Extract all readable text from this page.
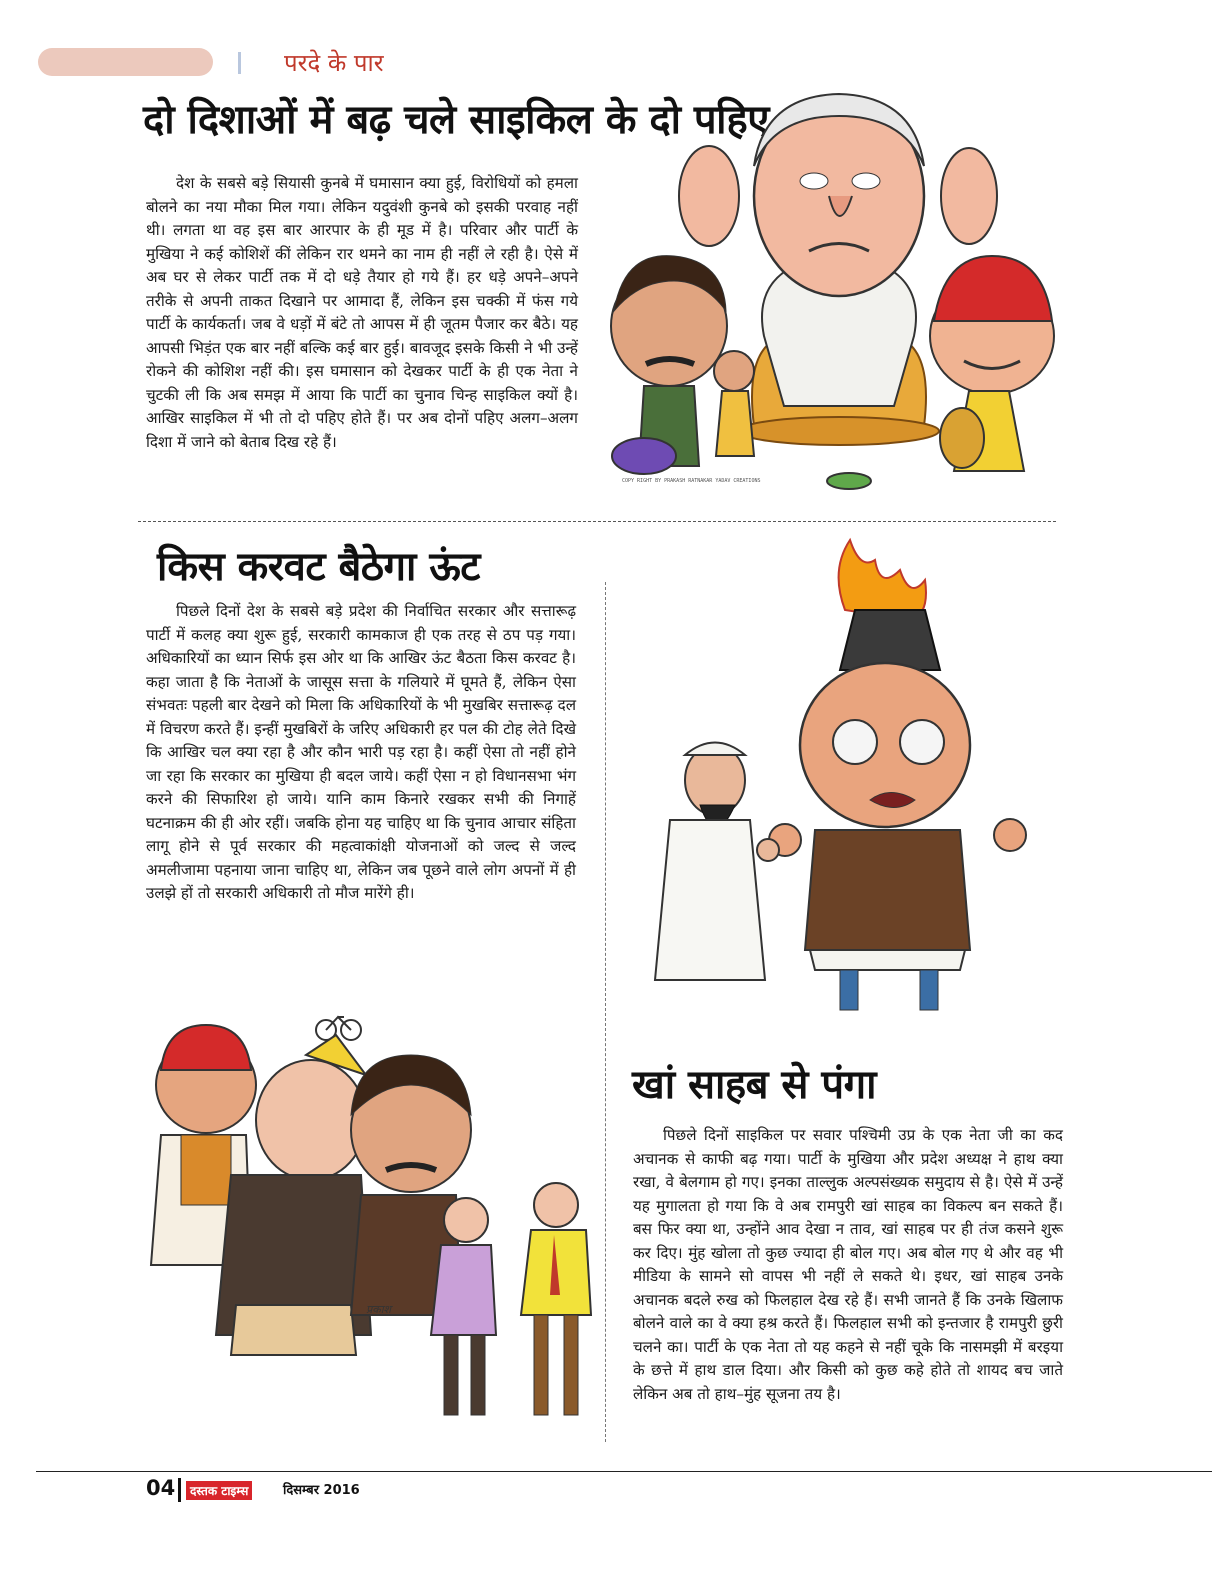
परदे के पार
दो दिशाओं में बढ़ चले साइकिल के दो पहिए

देश के सबसे बड़े सियासी कुनबे में घमासान क्या हुई, विरोधियों को हमला बोलने का नया मौका मिल गया। लेकिन यदुवंशी कुनबे को इसकी परवाह नहीं थी। लगता था वह इस बार आरपार के ही मूड में है। परिवार और पार्टी के मुखिया ने कई कोशिशें कीं लेकिन रार थमने का नाम ही नहीं ले रही है। ऐसे में अब घर से लेकर पार्टी तक में दो धड़े तैयार हो गये हैं। हर धड़े अपने–अपने तरीके से अपनी ताकत दिखाने पर आमादा हैं, लेकिन इस चक्की में फंस गये पार्टी के कार्यकर्ता। जब वे धड़ों में बंटे तो आपस में ही जूतम पैजार कर बैठे। यह आपसी भिड़ंत एक बार नहीं बल्कि कई बार हुई। बावजूद इसके किसी ने भी उन्हें रोकने की कोशिश नहीं की। इस घमासान को देखकर पार्टी के ही एक नेता ने चुटकी ली कि अब समझ में आया कि पार्टी का चुनाव चिन्ह साइकिल क्यों है। आखिर साइकिल में भी तो दो पहिए होते हैं। पर अब दोनों पहिए अलग–अलग दिशा में जाने को बेताब दिख रहे हैं।

COPY RIGHT BY PRAKASH RATNAKAR YADAV CREATIONS
किस करवट बैठेगा ऊंट

पिछले दिनों देश के सबसे बड़े प्रदेश की निर्वाचित सरकार और सत्तारूढ़ पार्टी में कलह क्या शुरू हुई, सरकारी कामकाज ही एक तरह से ठप पड़ गया। अधिकारियों का ध्यान सिर्फ इस ओर था कि आखिर ऊंट बैठता किस करवट है। कहा जाता है कि नेताओं के जासूस सत्ता के गलियारे में घूमते हैं, लेकिन ऐसा संभवतः पहली बार देखने को मिला कि अधिकारियों के भी मुखबिर सत्तारूढ़ दल में विचरण करते हैं। इन्हीं मुखबिरों के जरिए अधिकारी हर पल की टोह लेते दिखे कि आखिर चल क्या रहा है और कौन भारी पड़ रहा है। कहीं ऐसा तो नहीं होने जा रहा कि सरकार का मुखिया ही बदल जाये। कहीं ऐसा न हो विधानसभा भंग करने की सिफारिश हो जाये। यानि काम किनारे रखकर सभी की निगाहें घटनाक्रम की ही ओर रहीं। जबकि होना यह चाहिए था कि चुनाव आचार संहिता लागू होने से पूर्व सरकार की महत्वाकांक्षी योजनाओं को जल्द से जल्द अमलीजामा पहनाया जाना चाहिए था, लेकिन जब पूछने वाले लोग अपनों में ही उलझे हों तो सरकारी अधिकारी तो मौज मारेंगे ही।

प्रकाश
खां साहब से पंगा

पिछले दिनों साइकिल पर सवार पश्चिमी उप्र के एक नेता जी का कद अचानक से काफी बढ़ गया। पार्टी के मुखिया और प्रदेश अध्यक्ष ने हाथ क्या रखा, वे बेलगाम हो गए। इनका ताल्लुक अल्पसंख्यक समुदाय से है। ऐसे में उन्हें यह मुगालता हो गया कि वे अब रामपुरी खां साहब का विकल्प बन सकते हैं। बस फिर क्या था, उन्होंने आव देखा न ताव, खां साहब पर ही तंज कसने शुरू कर दिए। मुंह खोला तो कुछ ज्यादा ही बोल गए। अब बोल गए थे और वह भी मीडिया के सामने सो वापस भी नहीं ले सकते थे। इधर, खां साहब उनके अचानक बदले रुख को फिलहाल देख रहे हैं। सभी जानते हैं कि उनके खिलाफ बोलने वाले का वे क्या हश्र करते हैं। फिलहाल सभी को इन्तजार है रामपुरी छुरी चलने का। पार्टी के एक नेता तो यह कहने से नहीं चूके कि नासमझी में बरइया के छत्ते में हाथ डाल दिया। और किसी को कुछ कहे होते तो शायद बच जाते लेकिन अब तो हाथ–मुंह सूजना तय है।

04	दस्तक टाइम्स	दिसम्बर 2016
